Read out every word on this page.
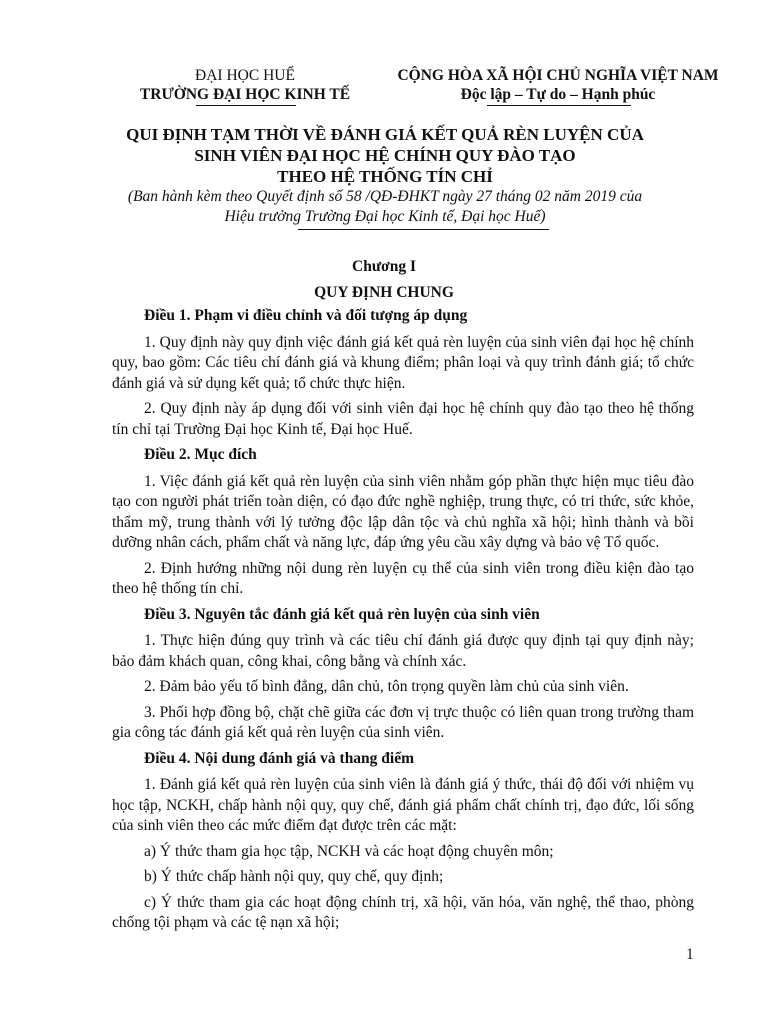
ĐẠI HỌC HUẾ
TRƯỜNG ĐẠI HỌC KINH TẾ
CỘNG HÒA XÃ HỘI CHỦ NGHĨA VIỆT NAM
Độc lập – Tự do – Hạnh phúc
QUI ĐỊNH TẠM THỜI VỀ ĐÁNH GIÁ KẾT QUẢ RÈN LUYỆN CỦA
SINH VIÊN ĐẠI HỌC HỆ CHÍNH QUY ĐÀO TẠO
THEO HỆ THỐNG TÍN CHỈ
(Ban hành kèm theo Quyết định số 58 /QĐ-ĐHKT ngày 27 tháng 02 năm 2019 của
Hiệu trưởng Trường Đại học Kinh tế, Đại học Huế)
Chương I
QUY ĐỊNH CHUNG
Điều 1. Phạm vi điều chỉnh và đối tượng áp dụng
1. Quy định này quy định việc đánh giá kết quả rèn luyện của sinh viên đại học hệ chính quy, bao gồm: Các tiêu chí đánh giá và khung điểm; phân loại và quy trình đánh giá; tổ chức đánh giá và sử dụng kết quả; tổ chức thực hiện.
2. Quy định này áp dụng đối với sinh viên đại học hệ chính quy đào tạo theo hệ thống tín chỉ tại Trường Đại học Kinh tế, Đại học Huế.
Điều 2. Mục đích
1. Việc đánh giá kết quả rèn luyện của sinh viên nhằm góp phần thực hiện mục tiêu đào tạo con người phát triển toàn diện, có đạo đức nghề nghiệp, trung thực, có tri thức, sức khỏe, thẩm mỹ, trung thành với lý tưởng độc lập dân tộc và chủ nghĩa xã hội; hình thành và bồi dưỡng nhân cách, phẩm chất và năng lực, đáp ứng yêu cầu xây dựng và bảo vệ Tổ quốc.
2. Định hướng những nội dung rèn luyện cụ thể của sinh viên trong điều kiện đào tạo theo hệ thống tín chỉ.
Điều 3. Nguyên tắc đánh giá kết quả rèn luyện của sinh viên
1. Thực hiện đúng quy trình và các tiêu chí đánh giá được quy định tại quy định này; bảo đảm khách quan, công khai, công bằng và chính xác.
2. Đảm bảo yếu tố bình đẳng, dân chủ, tôn trọng quyền làm chủ của sinh viên.
3. Phối hợp đồng bộ, chặt chẽ giữa các đơn vị trực thuộc có liên quan trong trường tham gia công tác đánh giá kết quả rèn luyện của sinh viên.
Điều 4. Nội dung đánh giá và thang điểm
1. Đánh giá kết quả rèn luyện của sinh viên là đánh giá ý thức, thái độ đối với nhiệm vụ học tập, NCKH, chấp hành nội quy, quy chế, đánh giá phẩm chất chính trị, đạo đức, lối sống của sinh viên theo các mức điểm đạt được trên các mặt:
a) Ý thức tham gia học tập, NCKH và các hoạt động chuyên môn;
b) Ý thức chấp hành nội quy, quy chế, quy định;
c) Ý thức tham gia các hoạt động chính trị, xã hội, văn hóa, văn nghệ, thể thao, phòng chống tội phạm và các tệ nạn xã hội;
1
